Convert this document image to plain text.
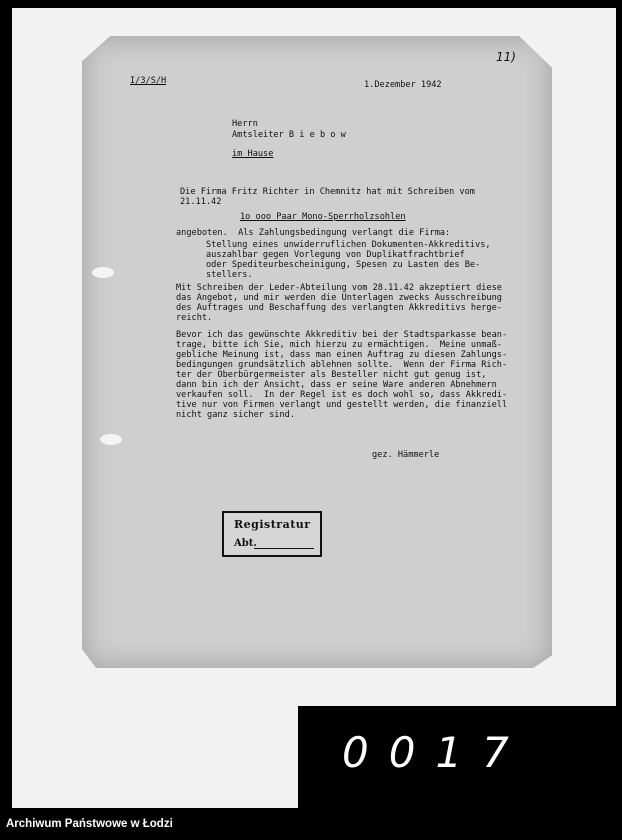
I/3/S/H	1.Dezember 1942
11)
Herrn
Amtsleiter B i e b o w
im Hause
Die Firma Fritz Richter in Chemnitz hat mit Schreiben vom
21.11.42
1o ooo Paar Mono-Sperrholzsohlen
angeboten.  Als Zahlungsbedingung verlangt die Firma:
Stellung eines unwiderruflichen Dokumenten-Akkreditivs,
auszahlbar gegen Vorlegung von Duplikatfrachtbrief
oder Spediteurbescheinigung, Spesen zu Lasten des Be-
stellers.
Mit Schreiben der Leder-Abteilung vom 28.11.42 akzeptiert diese
das Angebot, und mir werden die Unterlagen zwecks Ausschreibung
des Auftrages und Beschaffung des verlangten Akkreditivs herge-
reicht.
Bevor ich das gewünschte Akkreditiv bei der Stadtsparkasse bean-
trage, bitte ich Sie, mich hierzu zu ermächtigen.  Meine unmaß-
gebliche Meinung ist, dass man einen Auftrag zu diesen Zahlungs-
bedingungen grundsätzlich ablehnen sollte.  Wenn der Firma Rich-
ter der Oberbürgermeister als Besteller nicht gut genug ist,
dann bin ich der Ansicht, dass er seine Ware anderen Abnehmern
verkaufen soll.  In der Regel ist es doch wohl so, dass Akkredi-
tive nur von Firmen verlangt und gestellt werden, die finanziell
nicht ganz sicher sind.
gez. Hämmerle
Registratur
Abt.
0017
Archiwum Państwowe w Łodzi
